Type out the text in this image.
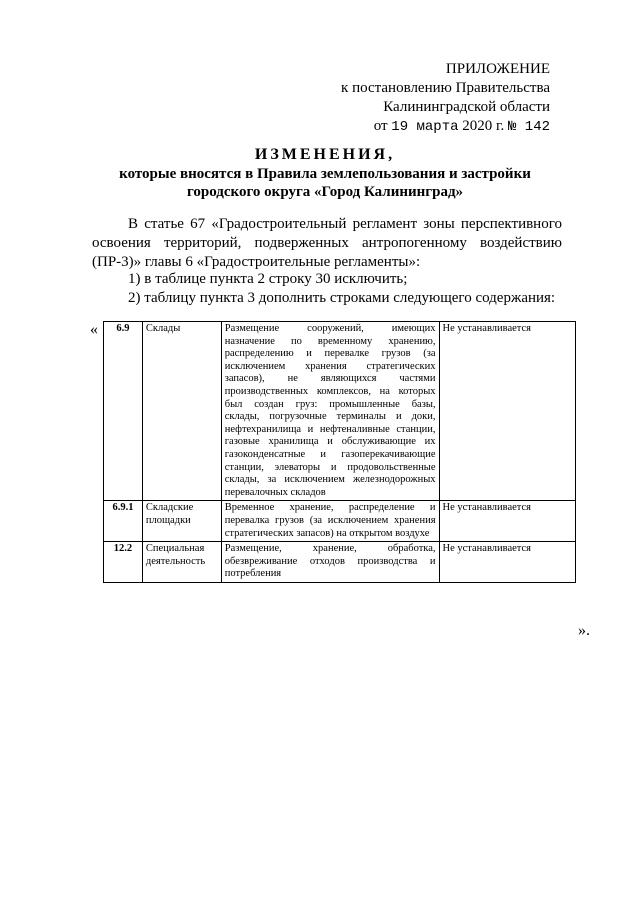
ПРИЛОЖЕНИЕ
к постановлению Правительства
Калининградской области
от 19 марта 2020 г. № 142
ИЗМЕНЕНИЯ,
которые вносятся в Правила землепользования и застройки
городского округа «Город Калининград»
В статье 67 «Градостроительный регламент зоны перспективного освоения территорий, подверженных антропогенному воздействию (ПР-3)» главы 6 «Градостроительные регламенты»:
1) в таблице пункта 2 строку 30 исключить;
2) таблицу пункта 3 дополнить строками следующего содержания:
« 6.9	Склады	Размещение сооружений, имеющих назначение по временному хранению, распределению и перевалке грузов (за исключением хранения стратегических запасов), не являющихся частями производственных комплексов, на которых был создан груз: промышленные базы, склады, погрузочные терминалы и доки, нефтехранилища и нефтеналивные станции, газовые хранилища и обслуживающие их газоконденсатные и газоперекачивающие станции, элеваторы и продовольственные склады, за исключением железнодорожных перевалочных складов	Не устанавливается
6.9.1	Складские площадки	Временное хранение, распределение и перевалка грузов (за исключением хранения стратегических запасов) на открытом воздухе	Не устанавливается
12.2	Специальная деятельность	Размещение, хранение, обработка, обезвреживание отходов производства и потребления	Не устанавливается
».
